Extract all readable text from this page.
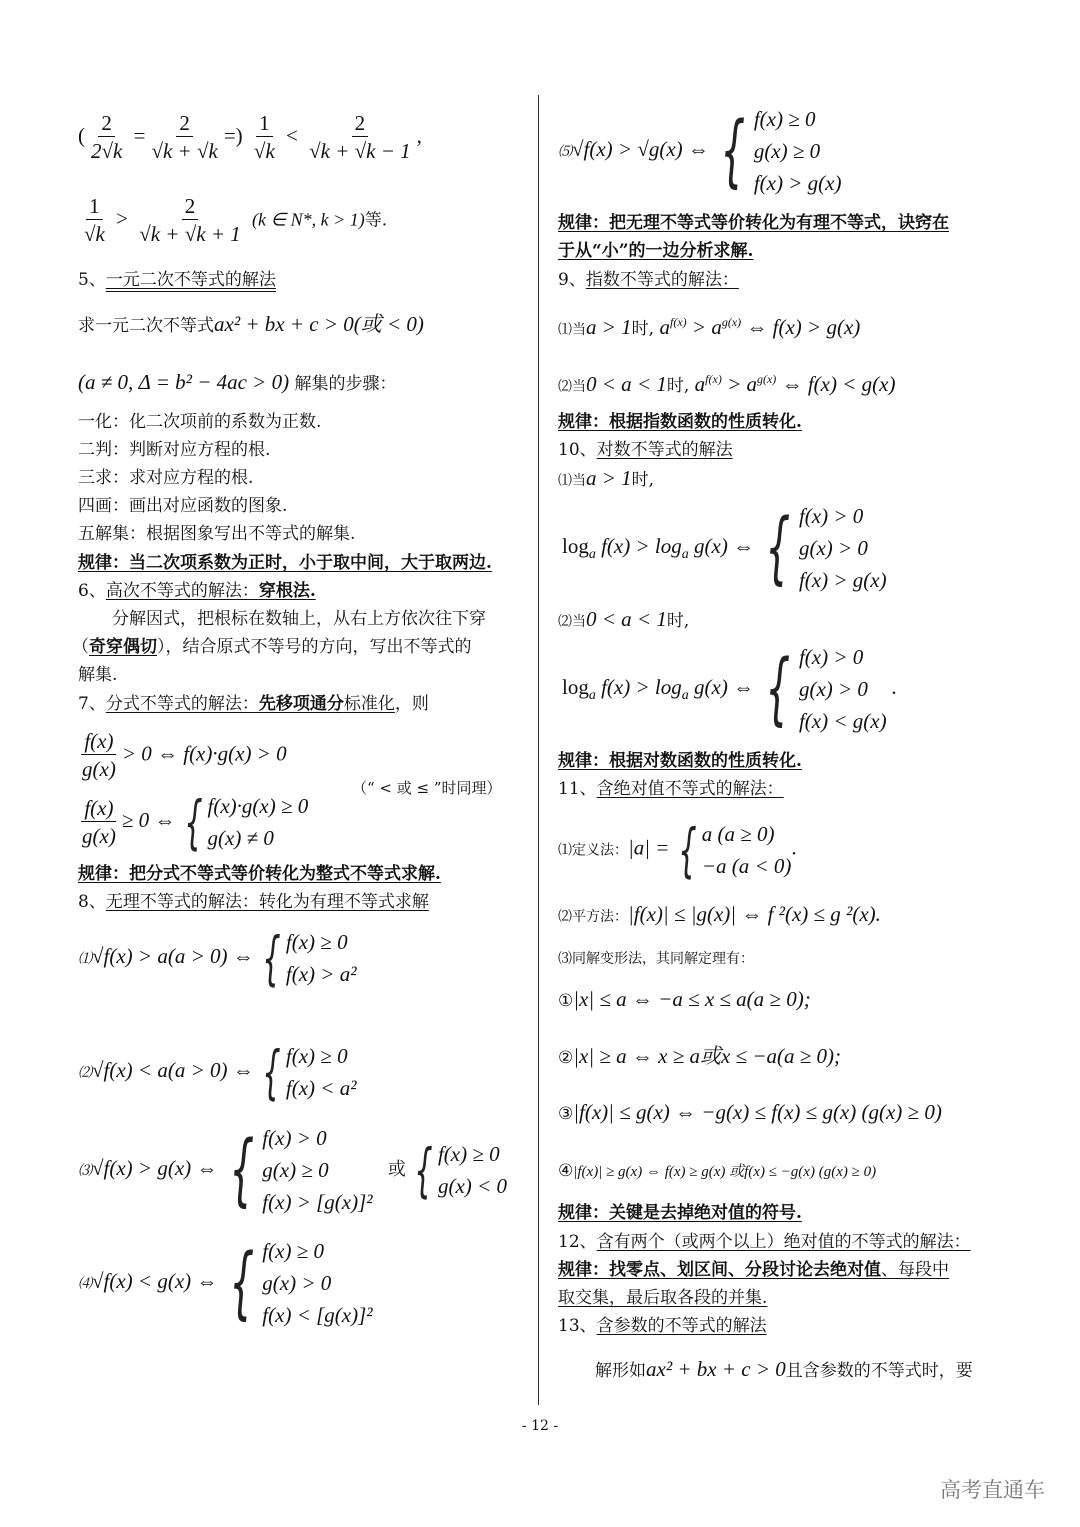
( $\frac{2}{2√k} = \frac{2}{√k + √k}$ =) $\frac{1}{√k} < \frac{2}{√k + √k - 1}$ ,
$\frac{1}{√k} > \frac{2}{√k + √k + 1} (k$ ∈ N*, k > 1)等.
5、一元二次不等式的解法
求一元二次不等式ax² + bx + c > 0(或 < 0)
(a ≠ 0, Δ = b² − 4ac > 0) 解集的步骤：
一化：化二次项前的系数为正数.
二判：判断对应方程的根.
三求：求对应方程的根.
四画：画出对应函数的图象.
五解集：根据图象写出不等式的解集.
规律：当二次项系数为正时，小于取中间，大于取两边.
6、高次不等式的解法：穿根法.
分解因式，把根标在数轴上，从右上方依次往下穿
（奇穿偶切），结合原式不等号的方向，写出不等式的
解集.
7、分式不等式的解法：先移项通分标准化，则
$\frac{f(x)}{g(x)} > 0$ ⇔ f(x)·g(x) > 0
（“ < 或 ≤ ”时同理）
$\frac{f(x)}{g(x)} \ge 0$ ⇔ { f(x)·g(x) ≥ 0
g(x) ≠ 0
规律：把分式不等式等价转化为整式不等式求解.
8、无理不等式的解法：转化为有理不等式求解
⑴√f(x) > a(a > 0) ⇔ { f(x) ≥ 0
f(x) > a²
⑵√f(x) < a(a > 0) ⇔ { f(x) ≥ 0
f(x) < a²
⑶√f(x) > g(x) ⇔ { f(x) > 0
g(x) ≥ 0
f(x) > [g(x)]²
或 { f(x) ≥ 0
g(x) < 0
⑷√f(x) < g(x) ⇔ { f(x) ≥ 0
g(x) > 0
f(x) < [g(x)]²
⑸√f(x) > √g(x) ⇔ { f(x) ≥ 0
g(x) ≥ 0
f(x) > g(x)
规律：把无理不等式等价转化为有理不等式，诀窍在
于从“小”的一边分析求解.
9、指数不等式的解法：
⑴当a > 1时, $a^{f(x)} > a^{g(x)}$ ⇔ f(x) > g(x)
⑵当0 < a < 1时, $a^{f(x)} > a^{g(x)}$ ⇔ f(x) < g(x)
规律：根据指数函数的性质转化.
10、对数不等式的解法
⑴当a > 1时,
$\log_a f(x) > \log_a g(x)$ ⇔ { f(x) > 0
g(x) > 0
f(x) > g(x)
⑵当0 < a < 1时,
$\log_a f(x) > \log_a g(x)$ ⇔ { f(x) > 0
g(x) > 0
f(x) < g(x)
.
规律：根据对数函数的性质转化.
11、含绝对值不等式的解法：
⑴定义法：|a| = { a (a ≥ 0)
−a (a < 0)
.
⑵平方法：|f(x)| ≤ |g(x)| ⇔ f ²(x) ≤ g ²(x).
⑶同解变形法，其同解定理有：
①|x| ≤ a ⇔ −a ≤ x ≤ a(a ≥ 0);
②|x| ≥ a ⇔ x ≥ a或x ≤ −a(a ≥ 0);
③|f(x)| ≤ g(x) ⇔ −g(x) ≤ f(x) ≤ g(x) (g(x) ≥ 0)
④|f(x)| ≥ g(x) ⇔ f(x) ≥ g(x) 或f(x) ≤ −g(x) (g(x) ≥ 0)
规律：关键是去掉绝对值的符号.
12、含有两个（或两个以上）绝对值的不等式的解法：
规律：找零点、划区间、分段讨论去绝对值、每段中
取交集，最后取各段的并集.
13、含参数的不等式的解法
解形如ax² + bx + c > 0且含参数的不等式时，要
- 12 -
高考直通车
